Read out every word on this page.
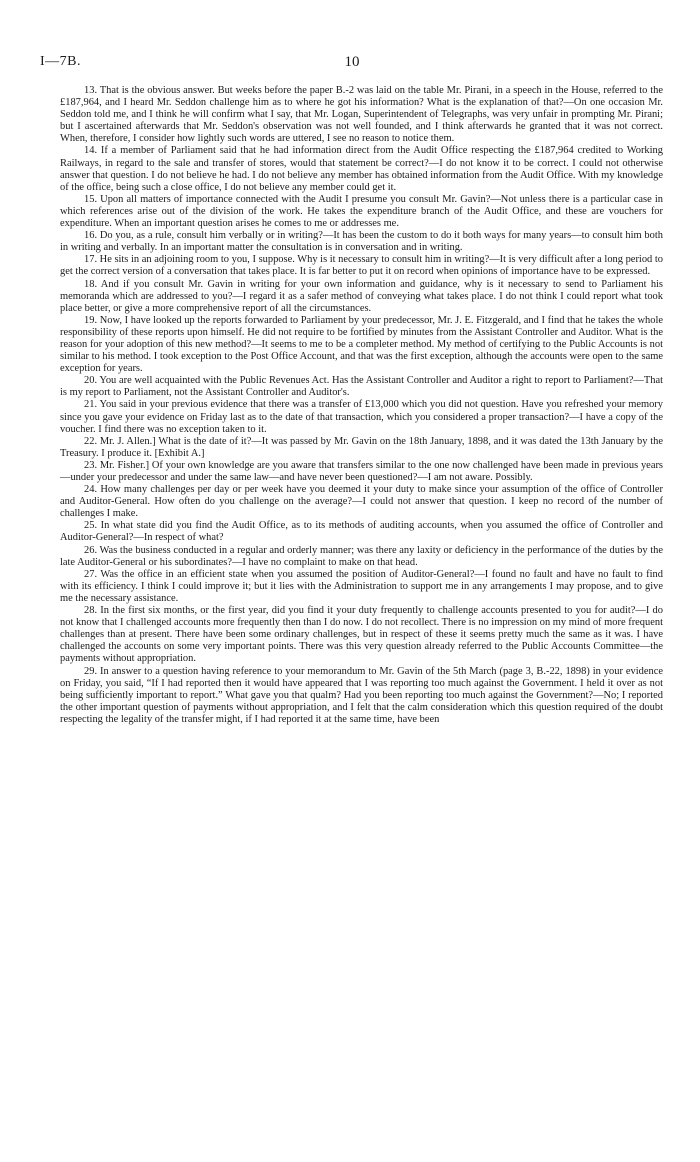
I—7B.	10

13. That is the obvious answer. But weeks before the paper B.-2 was laid on the table Mr. Pirani, in a speech in the House, referred to the £187,964, and I heard Mr. Seddon challenge him as to where he got his information? What is the explanation of that?—On one occasion Mr. Seddon told me, and I think he will confirm what I say, that Mr. Logan, Superintendent of Telegraphs, was very unfair in prompting Mr. Pirani; but I ascertained afterwards that Mr. Seddon's observation was not well founded, and I think afterwards he granted that it was not correct. When, therefore, I consider how lightly such words are uttered, I see no reason to notice them.

14. If a member of Parliament said that he had information direct from the Audit Office respecting the £187,964 credited to Working Railways, in regard to the sale and transfer of stores, would that statement be correct?—I do not know it to be correct. I could not otherwise answer that question. I do not believe he had. I do not believe any member has obtained information from the Audit Office. With my knowledge of the office, being such a close office, I do not believe any member could get it.

15. Upon all matters of importance connected with the Audit I presume you consult Mr. Gavin?—Not unless there is a particular case in which references arise out of the division of the work. He takes the expenditure branch of the Audit Office, and these are vouchers for expenditure. When an important question arises he comes to me or addresses me.

16. Do you, as a rule, consult him verbally or in writing?—It has been the custom to do it both ways for many years—to consult him both in writing and verbally. In an important matter the consultation is in conversation and in writing.

17. He sits in an adjoining room to you, I suppose. Why is it necessary to consult him in writing?—It is very difficult after a long period to get the correct version of a conversation that takes place. It is far better to put it on record when opinions of importance have to be expressed.

18. And if you consult Mr. Gavin in writing for your own information and guidance, why is it necessary to send to Parliament his memoranda which are addressed to you?—I regard it as a safer method of conveying what takes place. I do not think I could report what took place better, or give a more comprehensive report of all the circumstances.

19. Now, I have looked up the reports forwarded to Parliament by your predecessor, Mr. J. E. Fitzgerald, and I find that he takes the whole responsibility of these reports upon himself. He did not require to be fortified by minutes from the Assistant Controller and Auditor. What is the reason for your adoption of this new method?—It seems to me to be a completer method. My method of certifying to the Public Accounts is not similar to his method. I took exception to the Post Office Account, and that was the first exception, although the accounts were open to the same exception for years.

20. You are well acquainted with the Public Revenues Act. Has the Assistant Controller and Auditor a right to report to Parliament?—That is my report to Parliament, not the Assistant Controller and Auditor's.

21. You said in your previous evidence that there was a transfer of £13,000 which you did not question. Have you refreshed your memory since you gave your evidence on Friday last as to the date of that transaction, which you considered a proper transaction?—I have a copy of the voucher. I find there was no exception taken to it.

22. Mr. J. Allen.] What is the date of it?—It was passed by Mr. Gavin on the 18th January, 1898, and it was dated the 13th January by the Treasury. I produce it. [Exhibit A.]

23. Mr. Fisher.] Of your own knowledge are you aware that transfers similar to the one now challenged have been made in previous years—under your predecessor and under the same law—and have never been questioned?—I am not aware. Possibly.

24. How many challenges per day or per week have you deemed it your duty to make since your assumption of the office of Controller and Auditor-General. How often do you challenge on the average?—I could not answer that question. I keep no record of the number of challenges I make.

25. In what state did you find the Audit Office, as to its methods of auditing accounts, when you assumed the office of Controller and Auditor-General?—In respect of what?

26. Was the business conducted in a regular and orderly manner; was there any laxity or deficiency in the performance of the duties by the late Auditor-General or his subordinates?—I have no complaint to make on that head.

27. Was the office in an efficient state when you assumed the position of Auditor-General?—I found no fault and have no fault to find with its efficiency. I think I could improve it; but it lies with the Administration to support me in any arrangements I may propose, and to give me the necessary assistance.

28. In the first six months, or the first year, did you find it your duty frequently to challenge accounts presented to you for audit?—I do not know that I challenged accounts more frequently then than I do now. I do not recollect. There is no impression on my mind of more frequent challenges than at present. There have been some ordinary challenges, but in respect of these it seems pretty much the same as it was. I have challenged the accounts on some very important points. There was this very question already referred to the Public Accounts Committee—the payments without appropriation.

29. In answer to a question having reference to your memorandum to Mr. Gavin of the 5th March (page 3, B.-22, 1898) in your evidence on Friday, you said, “If I had reported then it would have appeared that I was reporting too much against the Government. I held it over as not being sufficiently important to report.” What gave you that qualm? Had you been reporting too much against the Government?—No; I reported the other important question of payments without appropriation, and I felt that the calm consideration which this question required of the doubt respecting the legality of the transfer might, if I had reported it at the same time, have been
